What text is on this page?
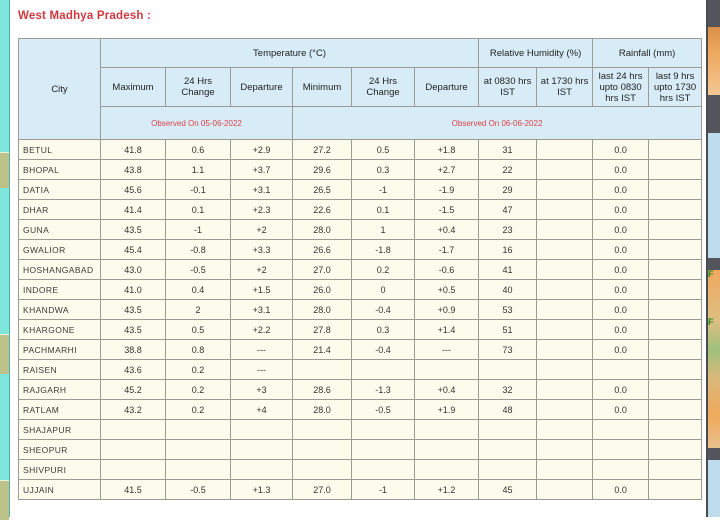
F
F
West Madhya Pradesh :
City	Temperature (°C)						Relative Humidity (%)		Rainfall (mm)	
	Maximum	24 Hrs Change	Departure	Minimum	24 Hrs Change	Departure	at 0830 hrs IST	at 1730 hrs IST	last 24 hrs upto 0830 hrs IST	last 9 hrs upto 1730 hrs IST
	Observed On 05-06-2022			Observed On 06-06-2022						
BETUL	41.8	0.6	+2.9	27.2	0.5	+1.8	31		0.0	
BHOPAL	43.8	1.1	+3.7	29.6	0.3	+2.7	22		0.0	
DATIA	45.6	-0.1	+3.1	26.5	-1	-1.9	29		0.0	
DHAR	41.4	0.1	+2.3	22.6	0.1	-1.5	47		0.0	
GUNA	43.5	-1	+2	28.0	1	+0.4	23		0.0	
GWALIOR	45.4	-0.8	+3.3	26.6	-1.8	-1.7	16		0.0	
HOSHANGABAD	43.0	-0.5	+2	27.0	0.2	-0.6	41		0.0	
INDORE	41.0	0.4	+1.5	26.0	0	+0.5	40		0.0	
KHANDWA	43.5	2	+3.1	28.0	-0.4	+0.9	53		0.0	
KHARGONE	43.5	0.5	+2.2	27.8	0.3	+1.4	51		0.0	
PACHMARHI	38.8	0.8	---	21.4	-0.4	---	73		0.0	
RAISEN	43.6	0.2	---							
RAJGARH	45.2	0.2	+3	28.6	-1.3	+0.4	32		0.0	
RATLAM	43.2	0.2	+4	28.0	-0.5	+1.9	48		0.0	
SHAJAPUR										
SHEOPUR										
SHIVPURI										
UJJAIN	41.5	-0.5	+1.3	27.0	-1	+1.2	45		0.0	
